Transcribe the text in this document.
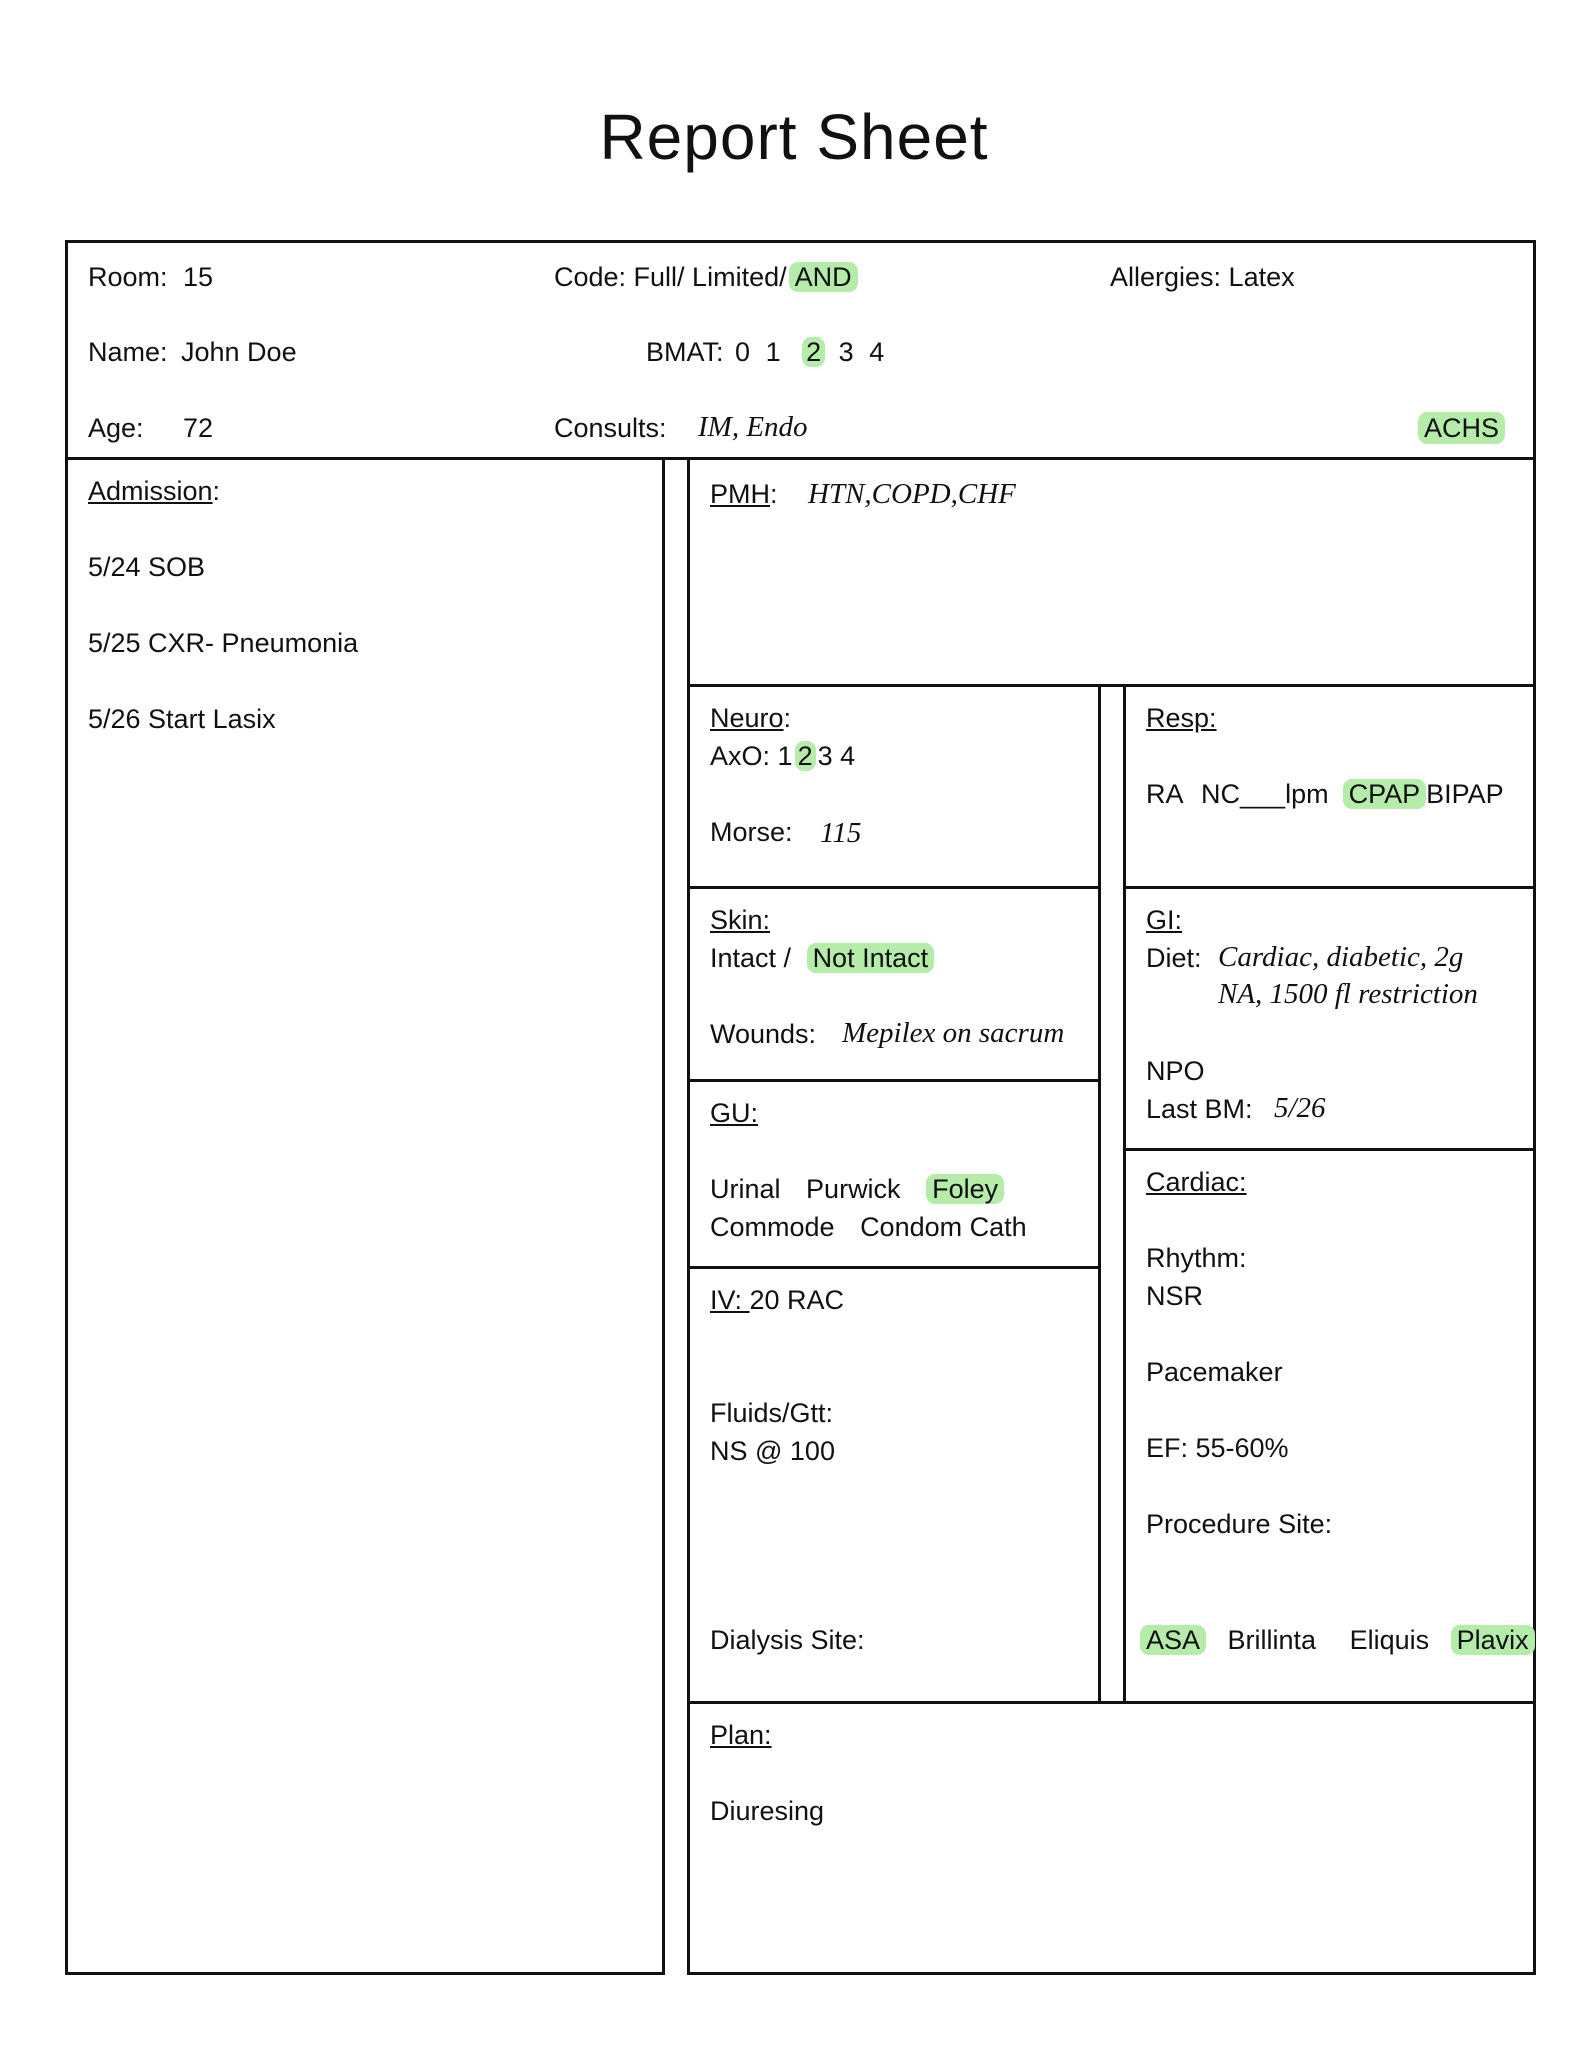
Report Sheet
Room: 15	Code: Full/ Limited/ AND	Allergies: Latex
Name: John Doe	BMAT: 0 1 2 3 4
Age: 72	Consults: IM, Endo	ACHS
Admission:
5/24 SOB
5/25 CXR- Pneumonia
5/26 Start Lasix
PMH: HTN,COPD,CHF
Neuro:
AxO: 1 2 3 4
Morse: 115
Resp:
RA NC___lpm CPAP BIPAP
Skin:
Intact / Not Intact
Wounds: Mepilex on sacrum
GI:
Diet: Cardiac, diabetic, 2g
NA, 1500 fl restriction
NPO
Last BM: 5/26
GU:
Urinal Purwick Foley
Commode Condom Cath
Cardiac:
Rhythm:
NSR
Pacemaker
EF: 55-60%
Procedure Site:
ASA Brillinta Eliquis Plavix
IV: 20 RAC
Fluids/Gtt:
NS @ 100
Dialysis Site:
Plan:
Diuresing
